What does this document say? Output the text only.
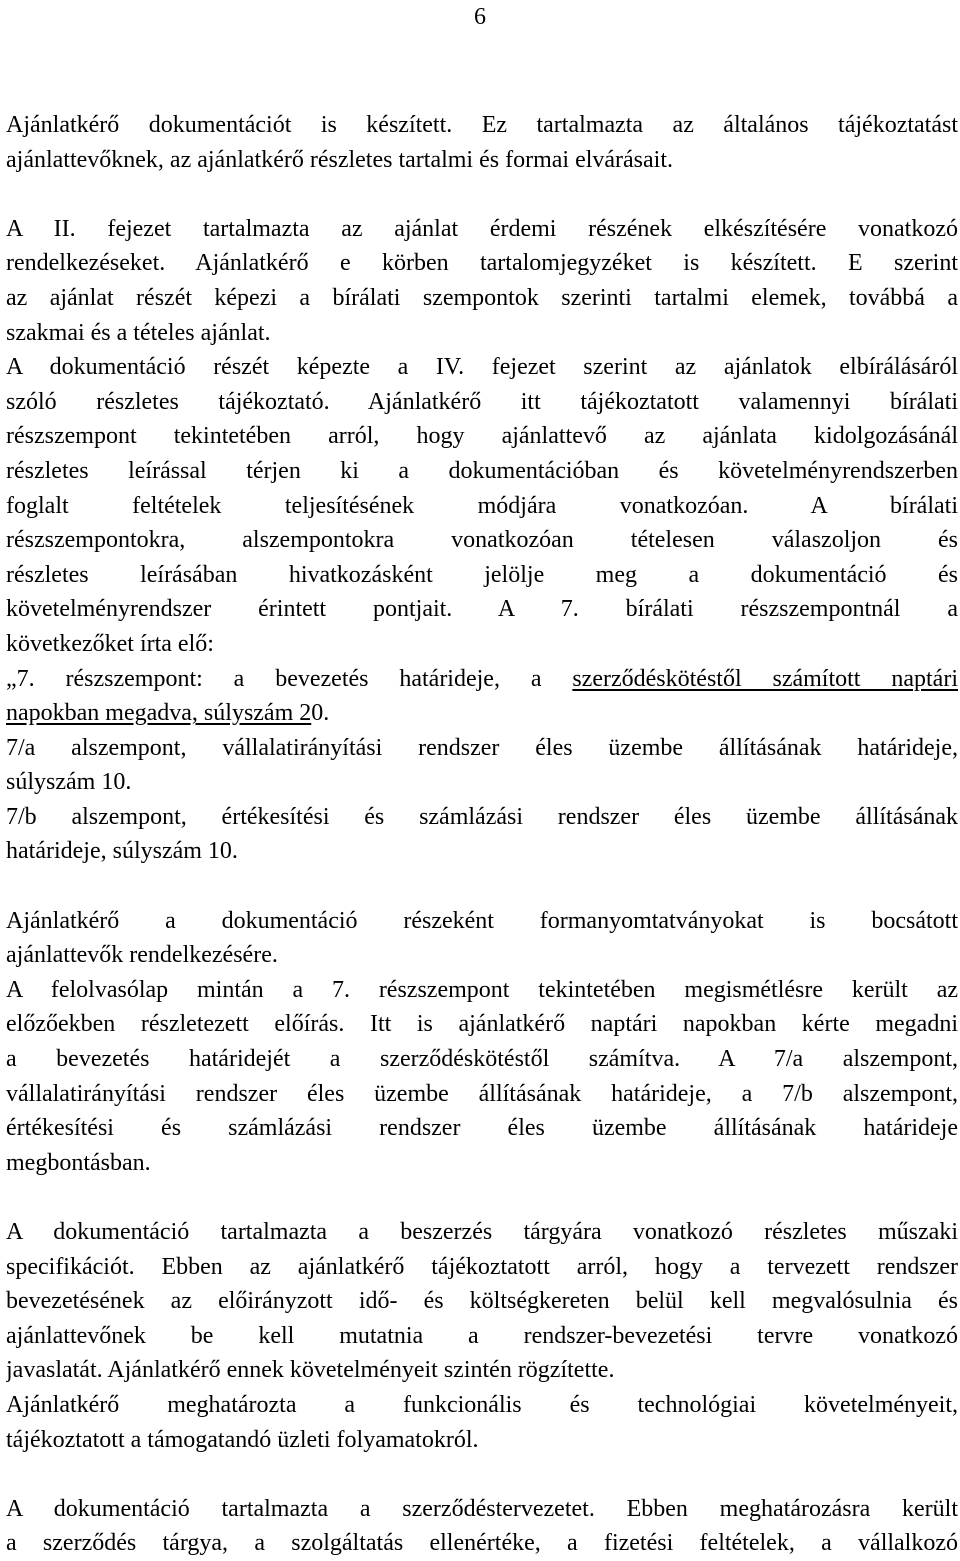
6
Ajánlatkérő dokumentációt is készített. Ez tartalmazta az általános tájékoztatást
ajánlattevőknek, az ajánlatkérő részletes tartalmi és formai elvárásait.
A II. fejezet tartalmazta az ajánlat érdemi részének elkészítésére vonatkozó
rendelkezéseket. Ajánlatkérő e körben tartalomjegyzéket is készített. E szerint
az ajánlat részét képezi a bírálati szempontok szerinti tartalmi elemek, továbbá a
szakmai és a tételes ajánlat.
A dokumentáció részét képezte a IV. fejezet szerint az ajánlatok elbírálásáról
szóló részletes tájékoztató. Ajánlatkérő itt tájékoztatott valamennyi bírálati
részszempont tekintetében arról, hogy ajánlattevő az ajánlata kidolgozásánál
részletes leírással térjen ki a dokumentációban és követelményrendszerben
foglalt feltételek teljesítésének módjára vonatkozóan. A bírálati
részszempontokra, alszempontokra vonatkozóan tételesen válaszoljon és
részletes leírásában hivatkozásként jelölje meg a dokumentáció és
követelményrendszer érintett pontjait. A 7. bírálati részszempontnál a
következőket írta elő:
„7. részszempont: a bevezetés határideje, a szerződéskötéstől számított naptári
napokban megadva, súlyszám 20.
7/a alszempont, vállalatirányítási rendszer éles üzembe állításának határideje,
súlyszám 10.
7/b alszempont, értékesítési és számlázási rendszer éles üzembe állításának
határideje, súlyszám 10.
Ajánlatkérő a dokumentáció részeként formanyomtatványokat is bocsátott
ajánlattevők rendelkezésére.
A felolvasólap mintán a 7. részszempont tekintetében megismétlésre került az
előzőekben részletezett előírás. Itt is ajánlatkérő naptári napokban kérte megadni
a bevezetés határidejét a szerződéskötéstől számítva. A 7/a alszempont,
vállalatirányítási rendszer éles üzembe állításának határideje, a 7/b alszempont,
értékesítési és számlázási rendszer éles üzembe állításának határideje
megbontásban.
A dokumentáció tartalmazta a beszerzés tárgyára vonatkozó részletes műszaki
specifikációt. Ebben az ajánlatkérő tájékoztatott arról, hogy a tervezett rendszer
bevezetésének az előirányzott idő- és költségkereten belül kell megvalósulnia és
ajánlattevőnek be kell mutatnia a rendszer-bevezetési tervre vonatkozó
javaslatát. Ajánlatkérő ennek követelményeit szintén rögzítette.
Ajánlatkérő meghatározta a funkcionális és technológiai követelményeit,
tájékoztatott a támogatandó üzleti folyamatokról.
A dokumentáció tartalmazta a szerződéstervezetet. Ebben meghatározásra került
a szerződés tárgya, a szolgáltatás ellenértéke, a fizetési feltételek, a vállalkozó
